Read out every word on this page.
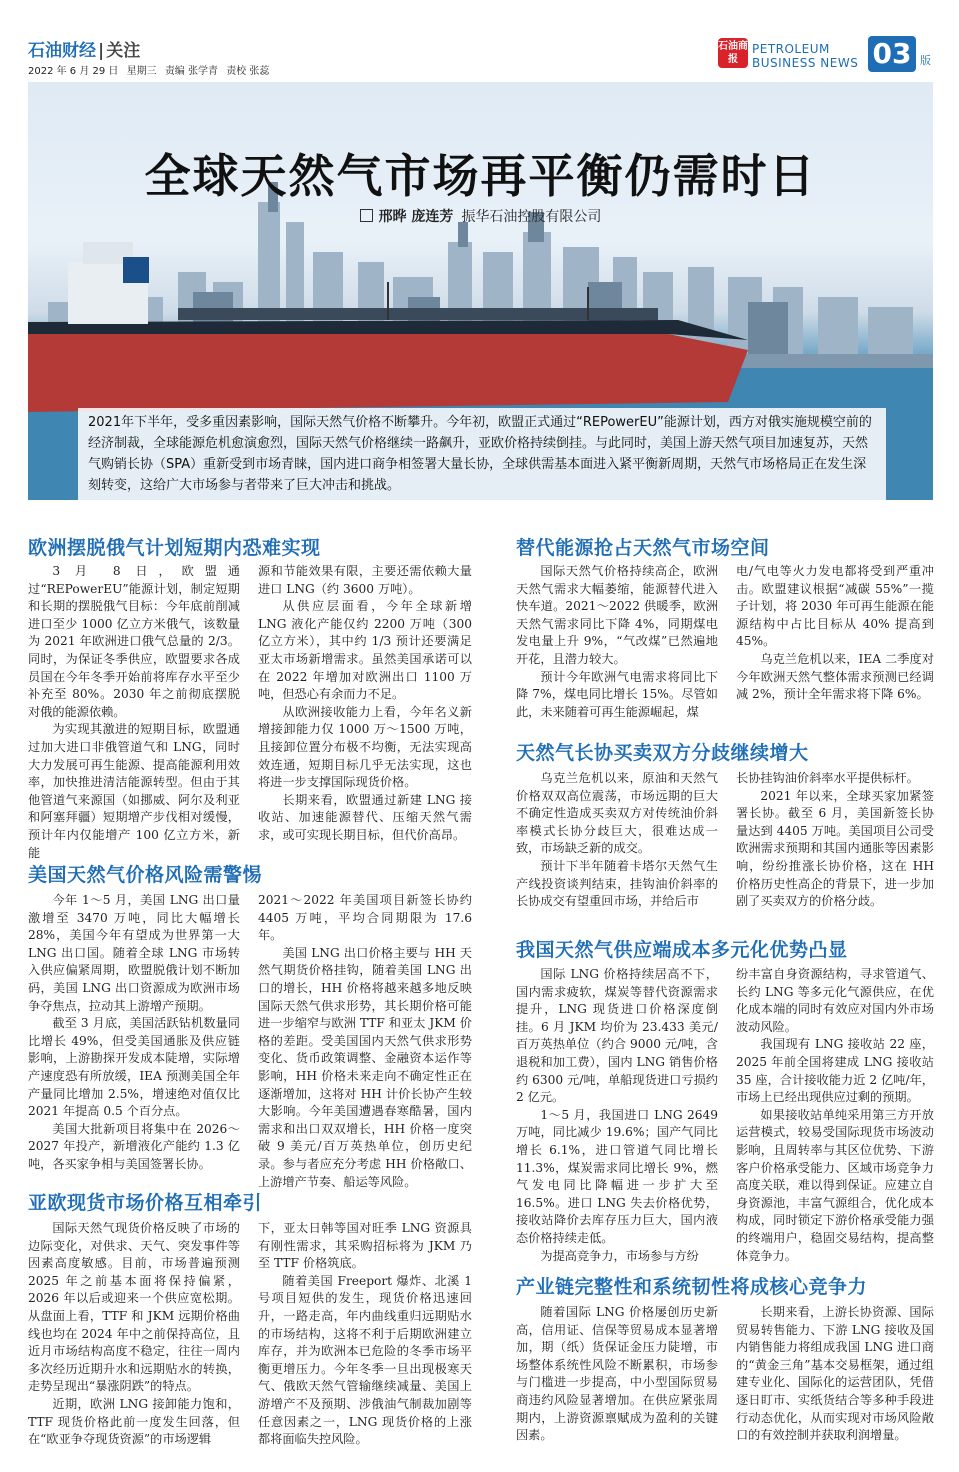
石油财经 | 关注
2022 年 6 月 29 日 星期三 责编 张学青 责校 张蕊
石油商报
PETROLEUM
BUSINESS NEWS 03 版
全球天然气市场再平衡仍需时日
邢晔 庞连芳 振华石油控股有限公司
2021年下半年，受多重因素影响，国际天然气价格不断攀升。今年初，欧盟正式通过“REPowerEU”能源计划，西方对俄实施规模空前的经济制裁，全球能源危机愈演愈烈，国际天然气价格继续一路飙升，亚欧价格持续倒挂。与此同时，美国上游天然气项目加速复苏，天然气购销长协（SPA）重新受到市场青睐，国内进口商争相签署大量长协，全球供需基本面进入紧平衡新周期，天然气市场格局正在发生深刻转变，这给广大市场参与者带来了巨大冲击和挑战。
欧洲摆脱俄气计划短期内恐难实现

3 月 8 日，欧盟通过“REPowerEU”能源计划，制定短期和长期的摆脱俄气目标：今年底前削减进口至少 1000 亿立方米俄气，该数量为 2021 年欧洲进口俄气总量的 2/3。同时，为保证冬季供应，欧盟要求各成员国在今年冬季开始前将库存水平至少补充至 80%。2030 年之前彻底摆脱对俄的能源依赖。

为实现其激进的短期目标，欧盟通过加大进口非俄管道气和 LNG，同时大力发展可再生能源、提高能源利用效率，加快推进清洁能源转型。但由于其他管道气来源国（如挪威、阿尔及利亚和阿塞拜疆）短期增产步伐相对缓慢，预计年内仅能增产 100 亿立方米，新能

源和节能效果有限，主要还需依赖大量进口 LNG（约 3600 万吨）。

从供应层面看，今年全球新增 LNG 液化产能仅约 2200 万吨（300 亿立方米），其中约 1/3 预计还要满足亚太市场新增需求。虽然美国承诺可以在 2022 年增加对欧洲出口 1100 万吨，但恐心有余而力不足。

从欧洲接收能力上看，今年名义新增接卸能力仅 1000 万～1500 万吨，且接卸位置分布极不均衡，无法实现高效连通，短期目标几乎无法实现，这也将进一步支撑国际现货价格。

长期来看，欧盟通过新建 LNG 接收站、加速能源替代、压缩天然气需求，或可实现长期目标，但代价高昂。

美国天然气价格风险需警惕

今年 1～5 月，美国 LNG 出口量激增至 3470 万吨，同比大幅增长 28%，美国今年有望成为世界第一大 LNG 出口国。随着全球 LNG 市场转入供应偏紧周期，欧盟脱俄计划不断加码，美国 LNG 出口资源成为欧洲市场争夺焦点，拉动其上游增产预期。

截至 3 月底，美国活跃钻机数量同比增长 49%，但受美国通胀及供应链影响，上游勘探开发成本陡增，实际增产速度恐有所放缓，IEA 预测美国全年产量同比增加 2.5%，增速绝对值仅比 2021 年提高 0.5 个百分点。

美国大批新项目将集中在 2026～2027 年投产，新增液化产能约 1.3 亿吨，各买家争相与美国签署长协。

2021～2022 年美国项目新签长协约 4405 万吨，平均合同期限为 17.6 年。

美国 LNG 出口价格主要与 HH 天然气期货价格挂钩，随着美国 LNG 出口的增长，HH 价格将越来越多地反映国际天然气供求形势，其长期价格可能进一步缩窄与欧洲 TTF 和亚太 JKM 价格的差距。受美国国内天然气供求形势变化、货币政策调整、金融资本运作等影响，HH 价格未来走向不确定性正在逐渐增加，这将对 HH 计价长协产生较大影响。今年美国遭遇春寒酷暑，国内需求和出口双双增长，HH 价格一度突破 9 美元/百万英热单位，创历史纪录。参与者应充分考虑 HH 价格敞口、上游增产节奏、船运等风险。

亚欧现货市场价格互相牵引

国际天然气现货价格反映了市场的边际变化，对供求、天气、突发事件等因素高度敏感。目前，市场普遍预测 2025 年之前基本面将保持偏紧，2026 年以后或迎来一个供应宽松期。从盘面上看，TTF 和 JKM 远期价格曲线也均在 2024 年中之前保持高位，且近月市场结构高度不稳定，往往一周内多次经历近期升水和远期贴水的转换，走势呈现出“暴涨阴跌”的特点。

近期，欧洲 LNG 接卸能力饱和，TTF 现货价格此前一度发生回落，但在“欧亚争夺现货资源”的市场逻辑

下，亚太日韩等国对旺季 LNG 资源具有刚性需求，其采购招标将为 JKM 乃至 TTF 价格筑底。

随着美国 Freeport 爆炸、北溪 1 号项目短供的发生，现货价格迅速回升，一路走高，年内曲线重归远期贴水的市场结构，这将不利于后期欧洲建立库存，并为欧洲本已危险的冬季市场平衡更增压力。今年冬季一旦出现极寒天气、俄欧天然气管输继续减量、美国上游增产不及预期、涉俄油气制裁加剧等任意因素之一，LNG 现货价格的上涨都将面临失控风险。

替代能源抢占天然气市场空间

国际天然气价格持续高企，欧洲天然气需求大幅萎缩，能源替代进入快车道。2021～2022 供暖季，欧洲天然气需求同比下降 4%，同期煤电发电量上升 9%，“气改煤”已然遍地开花，且潜力较大。

预计今年欧洲气电需求将同比下降 7%，煤电同比增长 15%。尽管如此，未来随着可再生能源崛起，煤

电/气电等火力发电都将受到严重冲击。欧盟建议根据“减碳 55%”一揽子计划，将 2030 年可再生能源在能源结构中占比目标从 40% 提高到 45%。

乌克兰危机以来，IEA 二季度对今年欧洲天然气整体需求预测已经调减 2%，预计全年需求将下降 6%。

天然气长协买卖双方分歧继续增大

乌克兰危机以来，原油和天然气价格双双高位震荡，市场远期的巨大不确定性造成买卖双方对传统油价斜率模式长协分歧巨大，很难达成一致，市场缺乏新的成交。

预计下半年随着卡塔尔天然气生产线投资谈判结束，挂钩油价斜率的长协成交有望重回市场，并给后市

长协挂钩油价斜率水平提供标杆。

2021 年以来，全球买家加紧签署长协。截至 6 月，美国新签长协量达到 4405 万吨。美国项目公司受欧洲需求预期和其国内通胀等因素影响，纷纷推涨长协价格，这在 HH 价格历史性高企的背景下，进一步加剧了买卖双方的价格分歧。

我国天然气供应端成本多元化优势凸显

国际 LNG 价格持续居高不下，国内需求疲软，煤炭等替代资源需求提升，LNG 现货进口价格深度倒挂。6 月 JKM 均价为 23.433 美元/百万英热单位（约合 9000 元/吨，含退税和加工费），国内 LNG 销售价格约 6300 元/吨，单船现货进口亏损约 2 亿元。

1～5 月，我国进口 LNG 2649 万吨，同比减少 19.6%；国产气同比增长 6.1%，进口管道气同比增长 11.3%，煤炭需求同比增长 9%，燃气发电同比降幅进一步扩大至 16.5%。进口 LNG 失去价格优势，接收站降价去库存压力巨大，国内液态价格持续走低。

为提高竞争力，市场参与方纷

纷丰富自身资源结构，寻求管道气、长约 LNG 等多元化气源供应，在优化成本端的同时有效应对国内外市场波动风险。

我国现有 LNG 接收站 22 座，2025 年前全国将建成 LNG 接收站 35 座，合计接收能力近 2 亿吨/年，市场上已经出现供应过剩的预期。

如果接收站单纯采用第三方开放运营模式，较易受国际现货市场波动影响，且周转率与其区位优势、下游客户价格承受能力、区域市场竞争力高度关联，难以得到保证。应建立自身资源池，丰富气源组合，优化成本构成，同时锁定下游价格承受能力强的终端用户，稳固交易结构，提高整体竞争力。

产业链完整性和系统韧性将成核心竞争力

随着国际 LNG 价格屡创历史新高，信用证、信保等贸易成本显著增加，期（纸）货保证金压力陡增，市场整体系统性风险不断累积，市场参与门槛进一步提高，中小型国际贸易商违约风险显著增加。在供应紧张周期内，上游资源禀赋成为盈利的关键因素。

长期来看，上游长协资源、国际贸易转售能力、下游 LNG 接收及国内销售能力将组成我国 LNG 进口商的“黄金三角”基本交易框架，通过组建专业化、国际化的运营团队，凭借逐日盯市、实纸货结合等多种手段进行动态优化，从而实现对市场风险敞口的有效控制并获取利润增量。
